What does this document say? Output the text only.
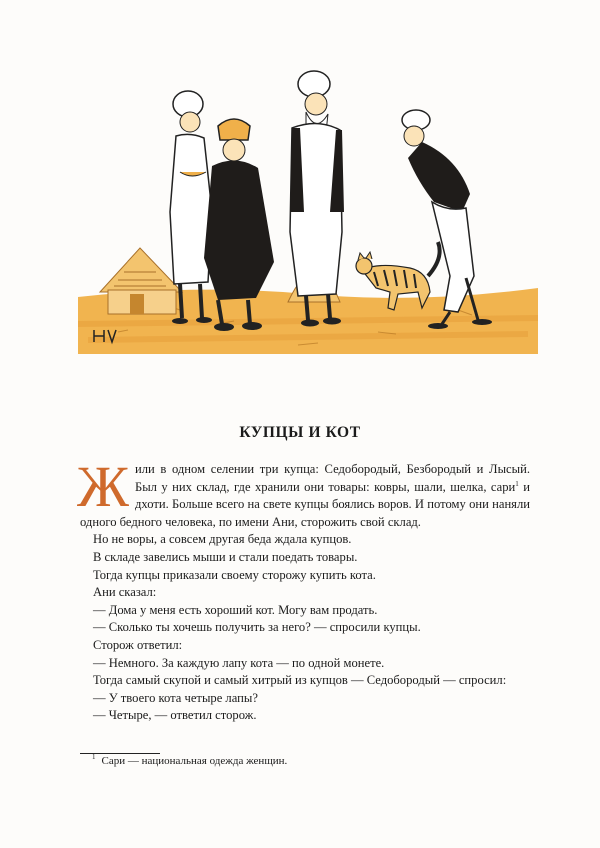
КУПЦЫ И КОТ

Жили в одном селении три купца: Седобородый, Безбородый и Лысый. Был у них склад, где хранили они товары: ковры, шали, шелка, сари$^1$ и дхоти. Больше всего на свете купцы боялись воров. И потому они наняли одного бедного человека, по имени Ани, сторожить свой склад.

Но не воры, а совсем другая беда ждала купцов.

В складе завелись мыши и стали поедать товары.

Тогда купцы приказали своему сторожу купить кота.

Ани сказал:

— Дома у меня есть хороший кот. Могу вам продать.

— Сколько ты хочешь получить за него? — спросили купцы.

Сторож ответил:

— Немного. За каждую лапу кота — по одной монете.

Тогда самый скупой и самый хитрый из купцов — Седобородый — спросил:

— У твоего кота четыре лапы?

— Четыре, — ответил сторож.

$^1$ Сари — национальная одежда женщин.
